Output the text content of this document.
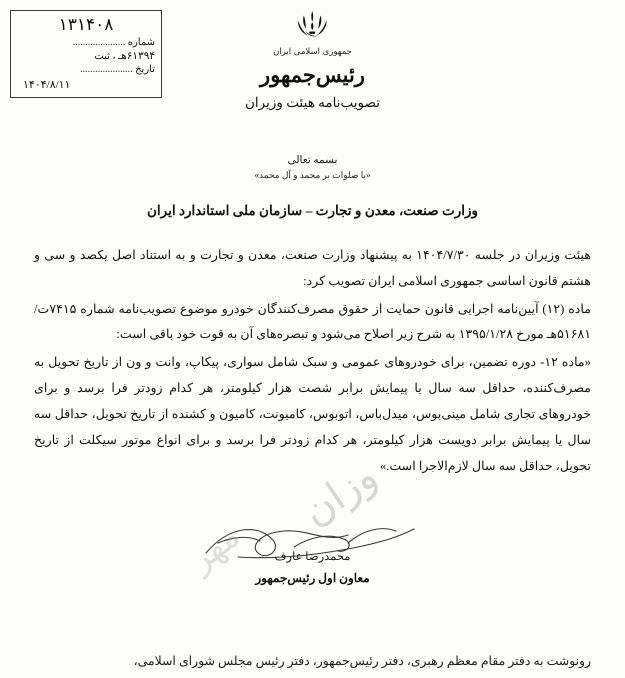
۱۳۱۴۰۸
شماره .....................
۶۱۳۹۴هـ ، ثبت
تاریخ .....................
۱۴۰۴/۸/۱۱
جمهوری اسلامی ایران
رئیس‌جمهور
تصویب‌نامه هیئت وزیران
بسمه تعالی
«با صلوات بر محمد و آل محمد»
وزارت صنعت، معدن و تجارت – سازمان ملی استاندارد ایران

هیئت وزیران در جلسه ۱۴۰۴/۷/۳۰ به پیشنهاد وزارت صنعت، معدن و تجارت و به استناد اصل یکصد و سی و هشتم قانون اساسی جمهوری اسلامی ایران تصویب کرد:

ماده (۱۲) آیین‌نامه اجرایی قانون حمایت از حقوق مصرف‌کنندگان خودرو موضوع تصویب‌نامه شماره ۷۴۱۵ت/۵۱۶۸۱هـ مورخ ۱۳۹۵/۱/۲۸ به شرح زیر اصلاح می‌شود و تبصره‌های آن به قوت خود باقی است:

«ماده ۱۲- دوره تضمین، برای خودروهای عمومی و سبک شامل سواری، پیکاپ، وانت و ون از تاریخ تحویل به مصرف‌کننده، حداقل سه سال یا پیمایش برابر شصت هزار کیلومتر، هر کدام زودتر فرا برسد و برای خودروهای تجاری شامل مینی‌بوس، میدل‌باس، اتوبوس، کامیونت، کامیون و کشنده از تاریخ تحویل، حداقل سه سال یا پیمایش برابر دویست هزار کیلومتر، هر کدام زودتر فرا برسد و برای انواع موتور سیکلت از تاریخ تحویل، حداقل سه سال لازم‌الاجرا است.»

محمدرضا عارف
معاون اول رئیس‌جمهور
وزان
مهر
رونوشت به دفتر مقام معظم رهبری، دفتر رئیس‌جمهور، دفتر رئیس مجلس شورای اسلامی،
